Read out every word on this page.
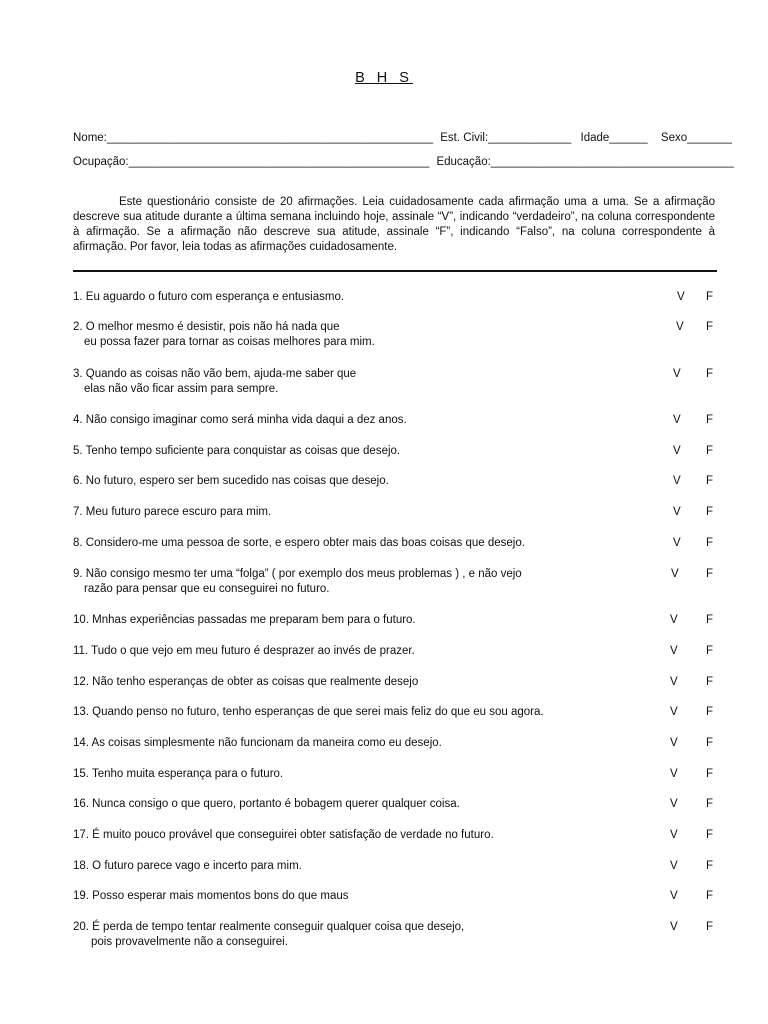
B H S
Nome:___________________________________________________ Est. Civil:_____________ Idade______ Sexo_______
Ocupação:_______________________________________________ Educação:______________________________________
Este questionário consiste de 20 afirmações. Leia cuidadosamente cada afirmação uma a uma. Se a afirmação descreve sua atitude durante a última semana incluindo hoje, assinale “V”, indicando “verdadeiro”, na coluna correspondente à afirmação. Se a afirmação não descreve sua atitude, assinale “F”, indicando “Falso”, na coluna correspondente à afirmação. Por favor, leia todas as afirmações cuidadosamente.
1. Eu aguardo o futuro com esperança e entusiasmo.	V F
2. O melhor mesmo é desistir, pois não há nada que
eu possa fazer para tornar as coisas melhores para mim.
V F
3. Quando as coisas não vão bem, ajuda-me saber que
elas não vão ficar assim para sempre.
V F
4. Não consigo imaginar como será minha vida daqui a dez anos.	V F
5. Tenho tempo suficiente para conquistar as coisas que desejo.	V F
6. No futuro, espero ser bem sucedido nas coisas que desejo.	V F
7. Meu futuro parece escuro para mim.	V F
8. Considero-me uma pessoa de sorte, e espero obter mais das boas coisas que desejo.	V F
9. Não consigo mesmo ter uma “folga” ( por exemplo dos meus problemas ) , e não vejo
razão para pensar que eu conseguirei no futuro.
V F
10. Mnhas experiências passadas me preparam bem para o futuro.	V F
11. Tudo o que vejo em meu futuro é desprazer ao invés de prazer.	V F
12. Não tenho esperanças de obter as coisas que realmente desejo	V F
13. Quando penso no futuro, tenho esperanças de que serei mais feliz do que eu sou agora.	V F
14. As coisas simplesmente não funcionam da maneira como eu desejo.	V F
15. Tenho muita esperança para o futuro.	V F
16. Nunca consigo o que quero, portanto é bobagem querer qualquer coisa.	V F
17. É muito pouco provável que conseguirei obter satisfação de verdade no futuro.	V F
18. O futuro parece vago e incerto para mim.	V F
19. Posso esperar mais momentos bons do que maus	V F
20. É perda de tempo tentar realmente conseguir qualquer coisa que desejo,
pois provavelmente não a conseguirei.
V F
